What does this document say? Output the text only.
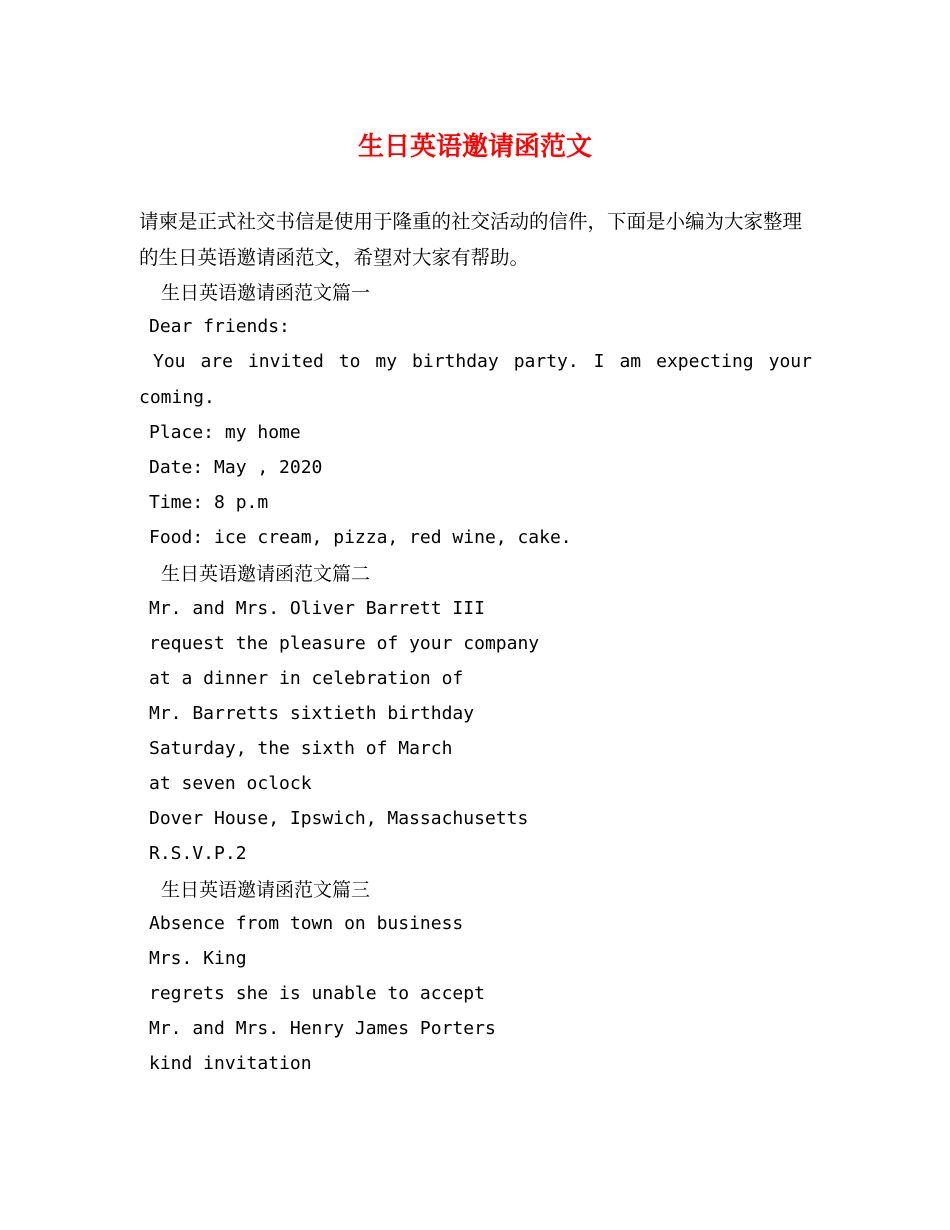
生日英语邀请函范文

请柬是正式社交书信是使用于隆重的社交活动的信件，下面是小编为大家整理的生日英语邀请函范文，希望对大家有帮助。

生日英语邀请函范文篇一

Dear friends:

You are invited to my birthday party. I am expecting your

coming.

Place: my home

Date: May , 2020

Time: 8 p.m

Food: ice cream, pizza, red wine, cake.

生日英语邀请函范文篇二

Mr. and Mrs. Oliver Barrett III

request the pleasure of your company

at a dinner in celebration of

Mr. Barretts sixtieth birthday

Saturday, the sixth of March

at seven oclock

Dover House, Ipswich, Massachusetts

R.S.V.P.2

生日英语邀请函范文篇三

Absence from town on business

Mrs. King

regrets she is unable to accept

Mr. and Mrs. Henry James Porters

kind invitation
